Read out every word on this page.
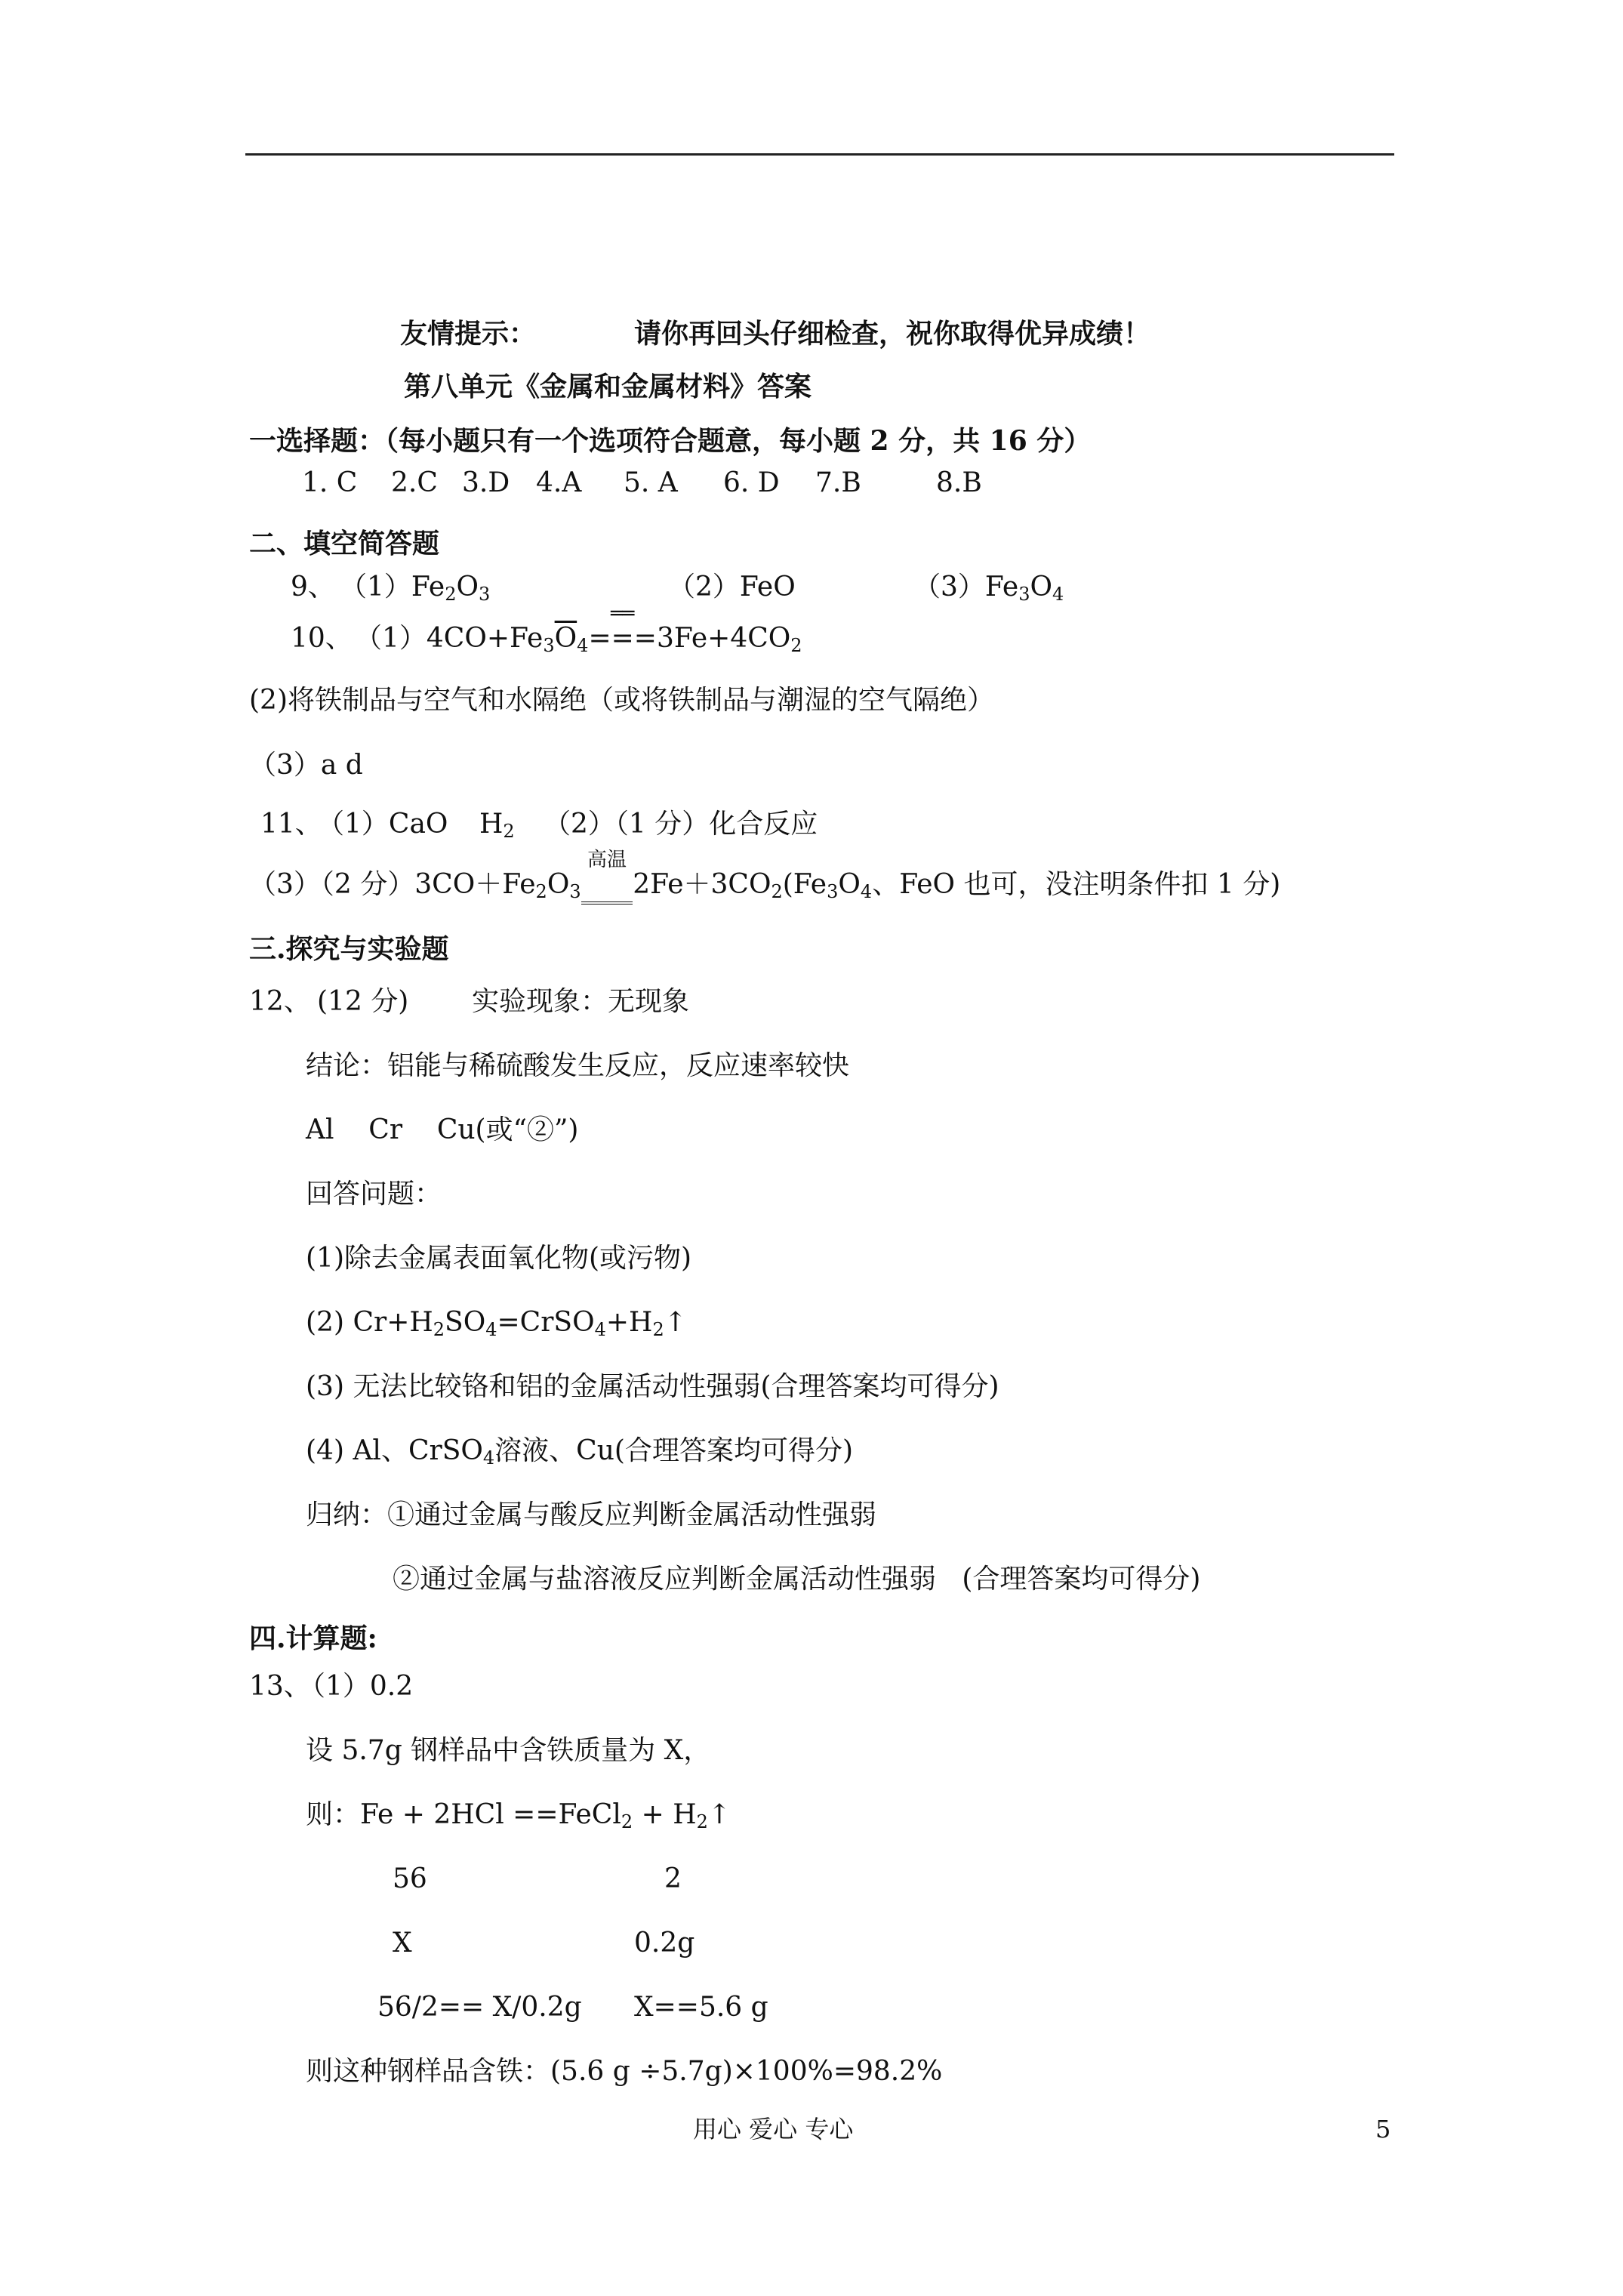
友情提示：	请你再回头仔细检查，祝你取得优异成绩！
第八单元《金属和金属材料》答案
一选择题：（每小题只有一个选项符合题意，每小题 2 分，共 16 分）
1. C 2.C 3.D 4.A 5. A 6. D 7.B	8.B
二、填空简答题
9、 $(1)Fe_2O_3$	（2）FeO	$(3)Fe_3O_4$
10、 $(1)4CO+Fe_3\overline{O}_4$
══
$===3Fe+4CO_2$
(2)将铁制品与空气和水隔绝（或将铁制品与潮湿的空气隔绝）
（3）a d
11、
（1）CaO $H_2$ （2）（1 分）化合反应
（3）（2 分）$3CO+Fe_2O_3$
高温
$2Fe+3CO_2(Fe_3O_4$、FeO 也可，没注明条件扣 1 分)
三.探究与实验题
12、 (12 分) 实验现象：无现象
结论：铝能与稀硫酸发生反应，反应速率较快
Al    Cr    Cu(或“②”)
回答问题：
(1)除去金属表面氧化物(或污物)
(2) $Cr+H_2SO_4=CrSO_4+H_2↑$
(3) 无法比较铬和铝的金属活动性强弱(合理答案均可得分)
(4) Al、CrSO$_4$溶液、Cu(合理答案均可得分)
归纳：①通过金属与酸反应判断金属活动性强弱
②通过金属与盐溶液反应判断金属活动性强弱   (合理答案均可得分)
四.计算题:
13、
（1）0.2
设 5.7g 钢样品中含铁质量为 X，
则：Fe + 2HCl ==FeCl$_2$ + $H_2↑$
56	2
X	0.2g
56/2== X/0.2g X==5.6 g
则这种钢样品含铁：(5.6 g ÷5.7g)×100%=98.2%
用心 爱心 专心	5
